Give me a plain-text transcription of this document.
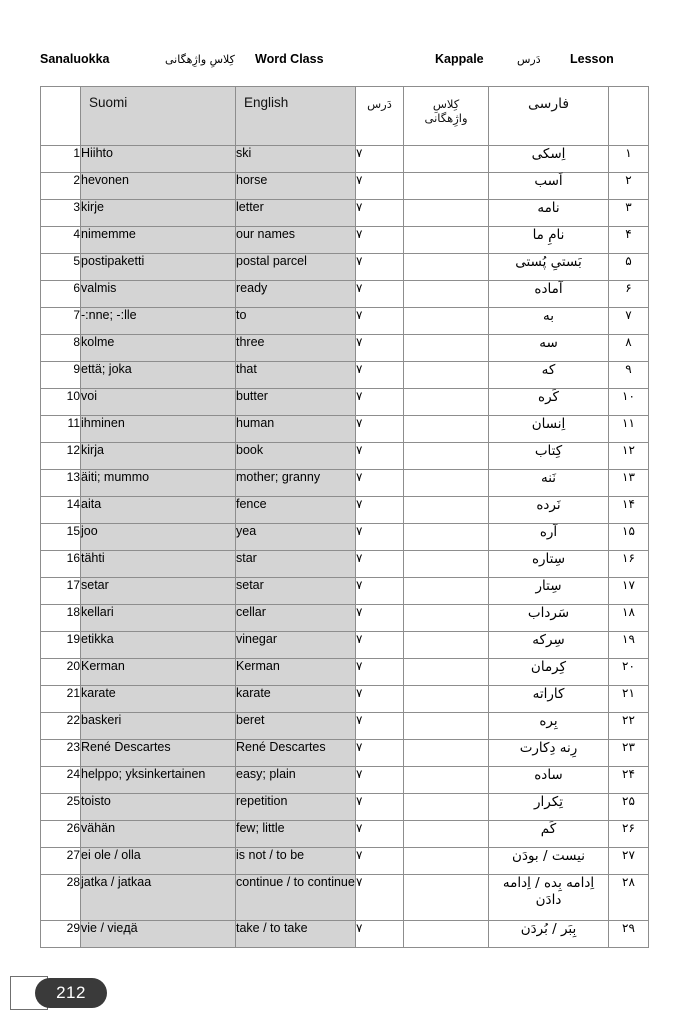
Sanaluokka	کِلاسِ واژِهگانی Word Class	Kappale	دَرس Lesson

	Suomi	English	دَرس	کِلاسِ واژِهگانی	فارسی	

1	Hiihto	ski	۷		اِسکی	۱
2	hevonen	horse	۷		اَسب	۲
3	kirje	letter	۷		نامه	۳
4	nimemme	our names	۷		نامِ ما	۴
5	postipaketti	postal parcel	۷		بَستیِ پُستی	۵
6	valmis	ready	۷		آماده	۶
7	-:nne; -:lle	to	۷		به	۷
8	kolme	three	۷		سه	۸
9	että; joka	that	۷		که	۹
10	voi	butter	۷		کَره	۱۰
11	ihminen	human	۷		اِنسان	۱۱
12	kirja	book	۷		کِتاب	۱۲
13	äiti; mummo	mother; granny	۷		نَنه	۱۳
14	aita	fence	۷		نَرده	۱۴
15	joo	yea	۷		آره	۱۵
16	tähti	star	۷		سِتاره	۱۶
17	setar	setar	۷		سِتار	۱۷
18	kellari	cellar	۷		سَرداب	۱۸
19	etikka	vinegar	۷		سِرکه	۱۹
20	Kerman	Kerman	۷		کِرمان	۲۰
21	karate	karate	۷		کاراته	۲۱
22	baskeri	beret	۷		بِره	۲۲
23	René Descartes	René Descartes	۷		رِنه دِکارت	۲۳
24	helppo; yksinkertainen	easy; plain	۷		ساده	۲۴
25	toisto	repetition	۷		تِکرار	۲۵
26	vähän	few; little	۷		کَم	۲۶
27	ei ole / olla	is not / to be	۷		نیست / بودَن	۲۷
28	jatka / jatkaa	continue / to continue	۷		اِدامه بِده / اِدامه دادَن	۲۸
29	vie / vieдä	take / to take	۷		بِبَر / بُردَن	۲۹
212
